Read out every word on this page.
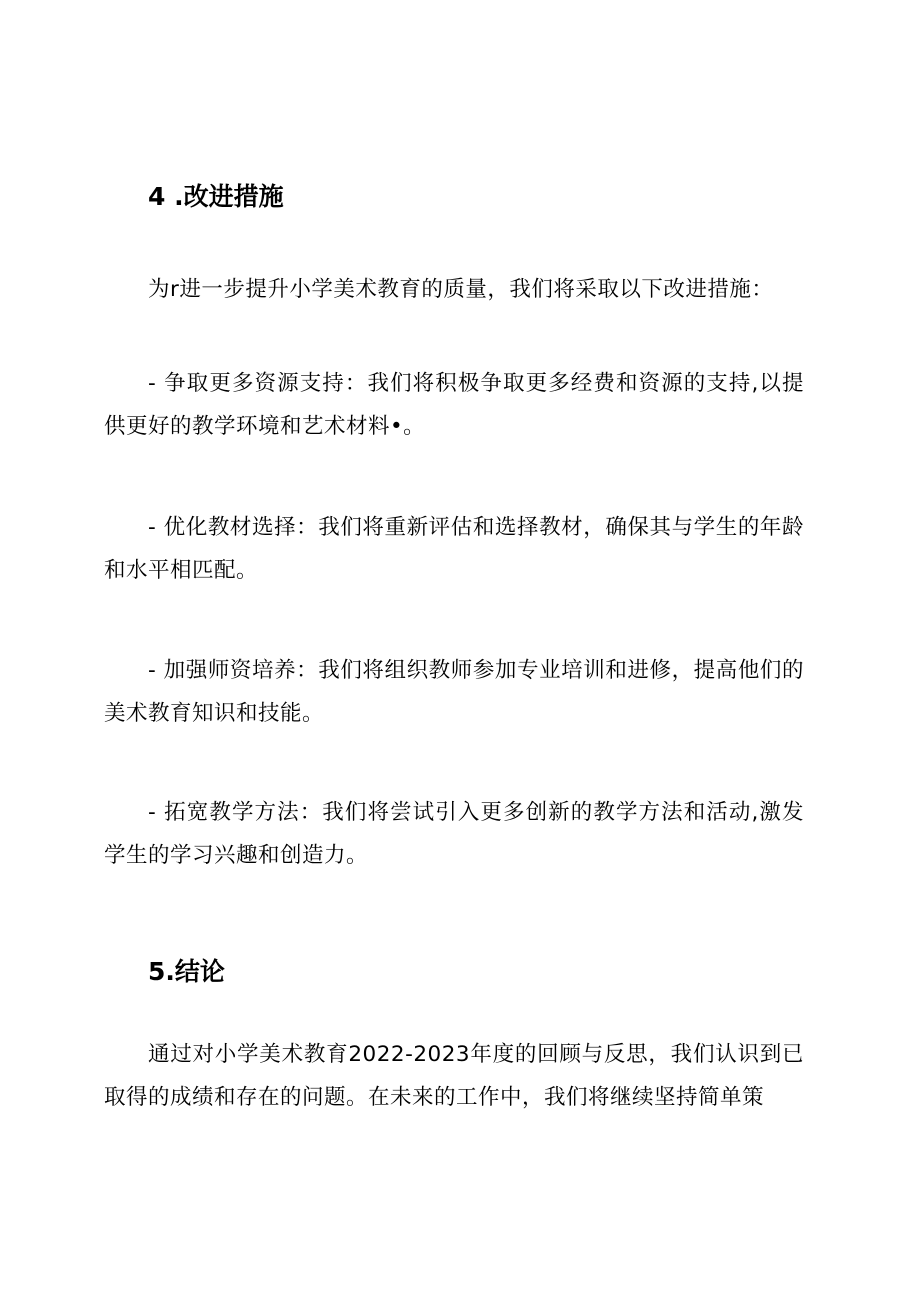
4 .改进措施

为r进一步提升小学美术教育的质量，我们将采取以下改进措施：

- 争取更多资源支持：我们将积极争取更多经费和资源的支持,以提供更好的教学环境和艺术材料•。

- 优化教材选择：我们将重新评估和选择教材，确保其与学生的年龄和水平相匹配。

- 加强师资培养：我们将组织教师参加专业培训和进修，提高他们的美术教育知识和技能。

- 拓宽教学方法：我们将尝试引入更多创新的教学方法和活动,激发学生的学习兴趣和创造力。

5.结论

通过对小学美术教育2022-2023年度的回顾与反思，我们认识到已取得的成绩和存在的问题。在未来的工作中，我们将继续坚持简单策
